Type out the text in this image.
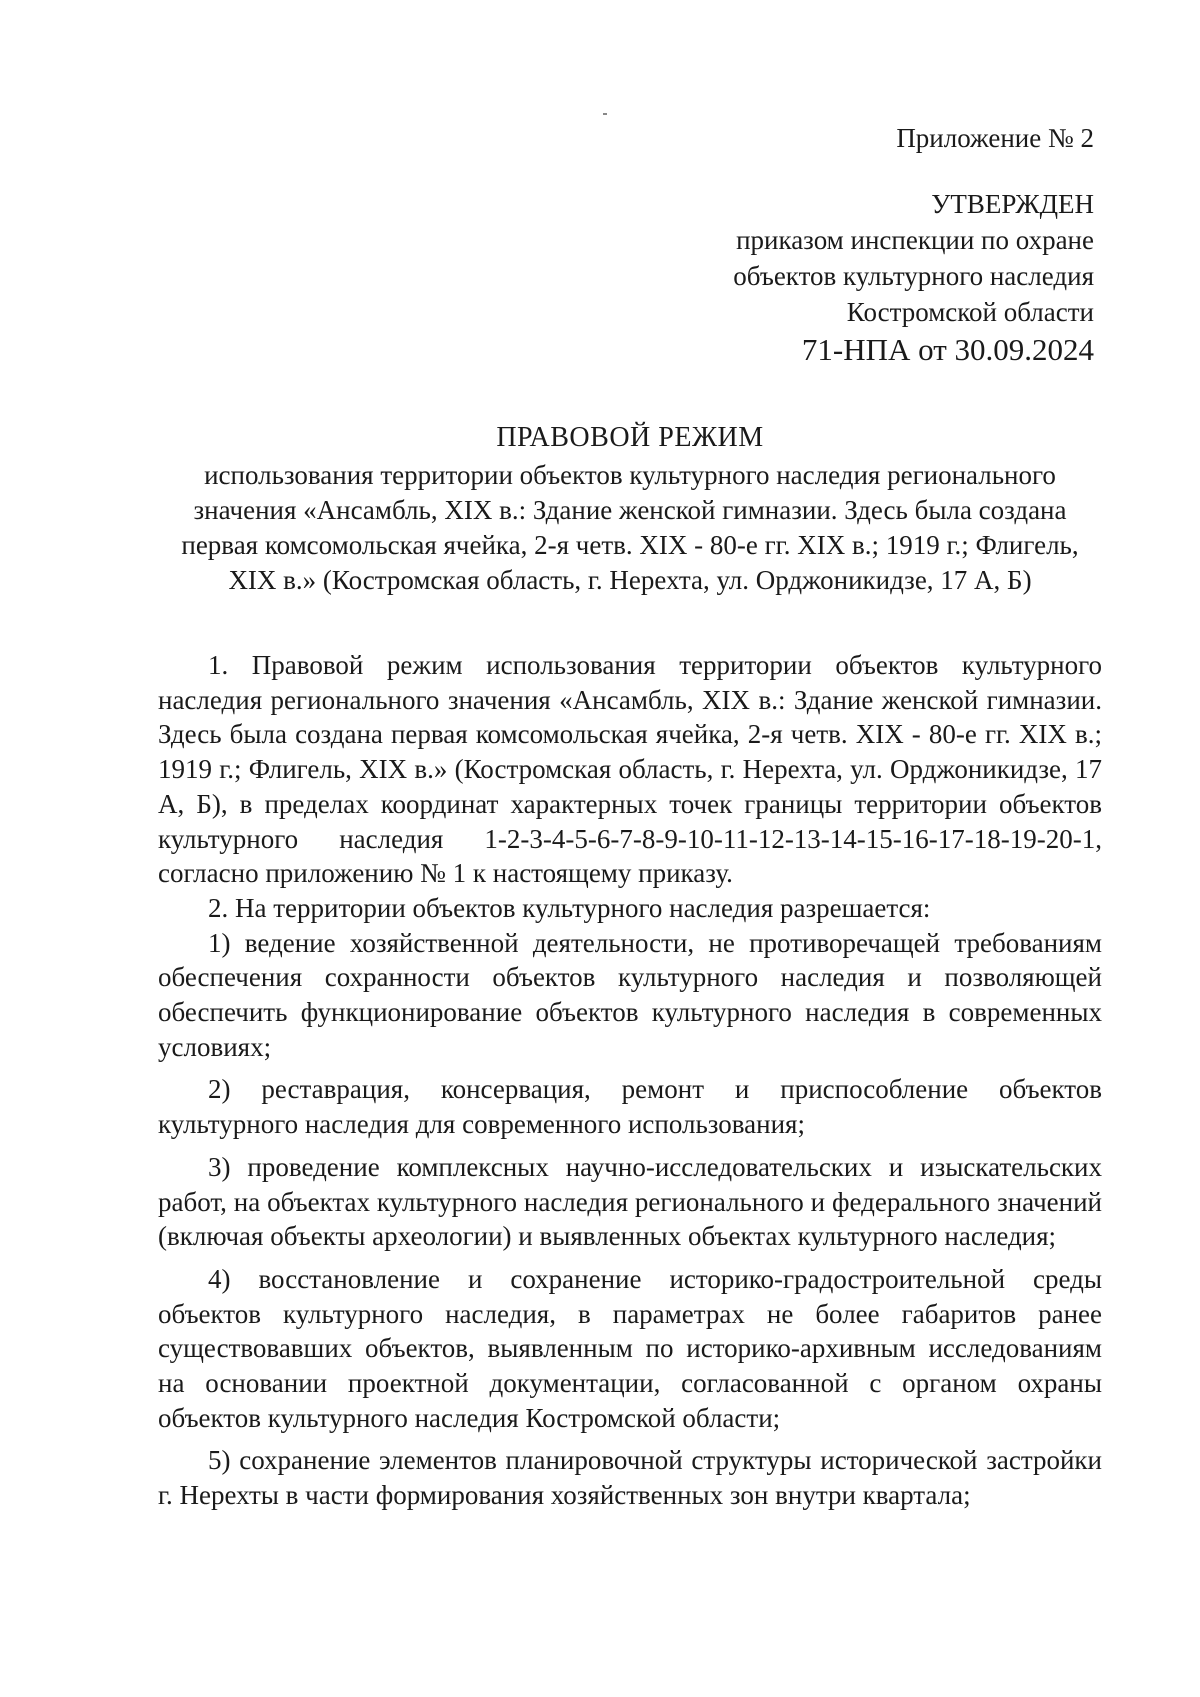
Приложение № 2
УТВЕРЖДЕН
приказом инспекции по охране
объектов культурного наследия
Костромской области
71-НПА от 30.09.2024
ПРАВОВОЙ РЕЖИМ
использования территории объектов культурного наследия регионального значения «Ансамбль, XIX в.: Здание женской гимназии. Здесь была создана первая комсомольская ячейка, 2-я четв. XIX - 80-е гг. XIX в.; 1919 г.; Флигель, XIX в.» (Костромская область, г. Нерехта, ул. Орджоникидзе, 17 А, Б)

1. Правовой режим использования территории объектов культурного наследия регионального значения «Ансамбль, XIX в.: Здание женской гимназии. Здесь была создана первая комсомольская ячейка, 2-я четв. XIX - 80-е гг. XIX в.; 1919 г.; Флигель, XIX в.» (Костромская область, г. Нерехта, ул. Орджоникидзе, 17 А, Б), в пределах координат характерных точек границы территории объектов культурного наследия 1-2-3-4-5-6-7-8-9-10-11-12-13-14-15-16-17-18-19-20-1, согласно приложению № 1 к настоящему приказу.

2. На территории объектов культурного наследия разрешается:

1) ведение хозяйственной деятельности, не противоречащей требованиям обеспечения сохранности объектов культурного наследия и позволяющей обеспечить функционирование объектов культурного наследия в современных условиях;

2) реставрация, консервация, ремонт и приспособление объектов культурного наследия для современного использования;

3) проведение комплексных научно-исследовательских и изыскательских работ, на объектах культурного наследия регионального и федерального значений (включая объекты археологии) и выявленных объектах культурного наследия;

4) восстановление и сохранение историко-градостроительной среды объектов культурного наследия, в параметрах не более габаритов ранее существовавших объектов, выявленным по историко-архивным исследованиям на основании проектной документации, согласованной с органом охраны объектов культурного наследия Костромской области;

5) сохранение элементов планировочной структуры исторической застройки г. Нерехты в части формирования хозяйственных зон внутри квартала;
